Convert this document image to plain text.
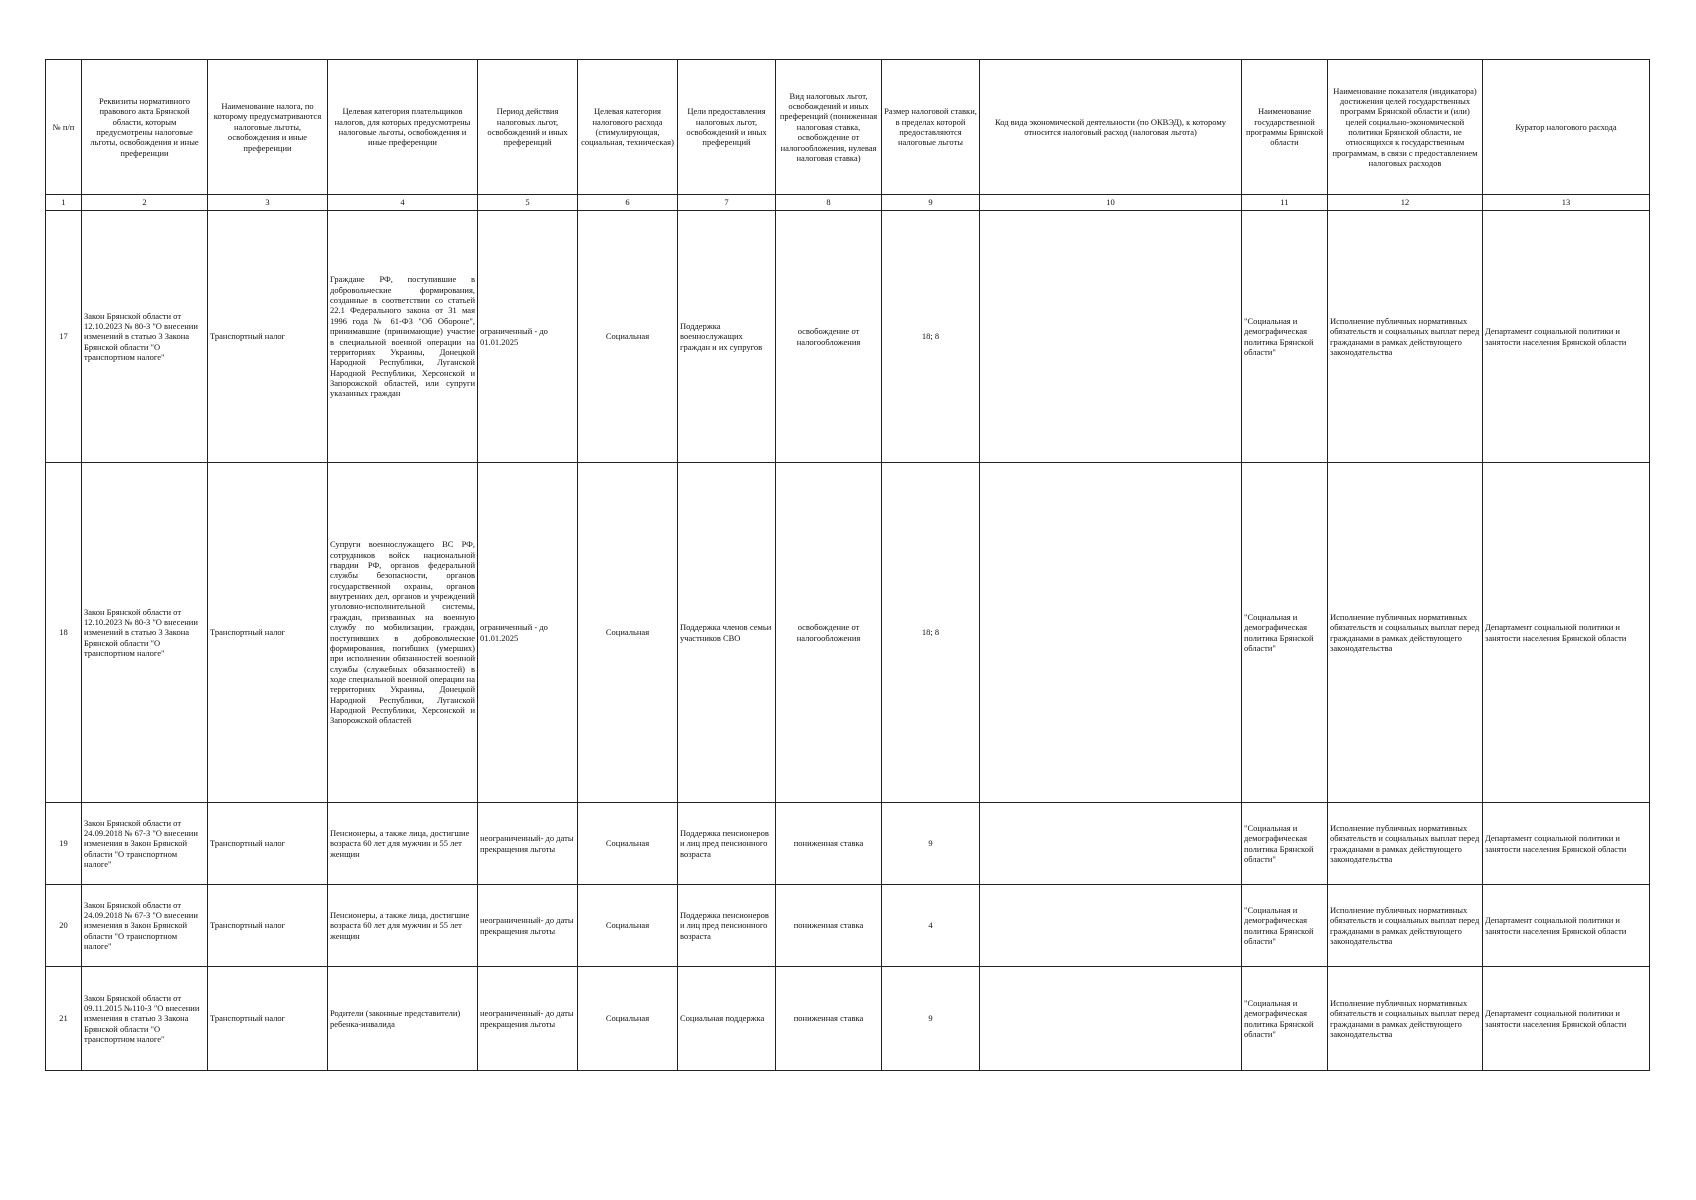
№ п/п	Реквизиты нормативного правового акта Брянской области, которым предусмотрены налоговые льготы, освобождения и иные преференции	Наименование налога, по которому предусматриваются налоговые льготы, освобождения и иные преференции	Целевая категория плательщиков налогов, для которых предусмотрены налоговые льготы, освобождения и иные преференции	Период действия налоговых льгот, освобождений и иных преференций	Целевая категория налогового расхода (стимулирующая, социальная, техническая)	Цели предоставления налоговых льгот, освобождений и иных преференций	Вид налоговых льгот, освобождений и иных преференций (пониженная налоговая ставка, освобождение от налогообложения, нулевая налоговая ставка)	Размер налоговой ставки, в пределах которой предоставляются налоговые льготы	Код вида экономической деятельности (по ОКВЭД), к которому относится налоговый расход (налоговая льгота)	Наименование государственной программы Брянской области	Наименование показателя (индикатора) достижения целей государственных программ Брянской области и (или) целей социально-экономической политики Брянской области, не относящихся к государственным программам, в связи с предоставлением налоговых расходов	Куратор налогового расхода
1	2	3	4	5	6	7	8	9	10	11	12	13
17	Закон Брянской области от 12.10.2023 № 80-З "О внесении изменений в статью 3 Закона Брянской области "О транспортном налоге"	Транспортный налог	Граждане РФ, поступившие в добровольческие формирования, созданные в соответствии со статьей 22.1 Федерального закона от 31 мая 1996 года № 61-ФЗ "Об Обороне", принимавшие (принимающие) участие в специальной военной операции на территориях Украины, Донецкой Народной Республики, Луганской Народной Республики, Херсонской и Запорожской областей, или супруги указанных граждан	ограниченный - до 01.01.2025	Социальная	Поддержка военнослужащих граждан и их супругов	освобождение от налогообложения	18; 8		"Социальная и демографическая политика Брянской области"	Исполнение публичных нормативных обязательств и социальных выплат перед гражданами в рамках действующего законодательства	Департамент социальной политики и занятости населения Брянской области
18	Закон Брянской области от 12.10.2023 № 80-З "О внесении изменений в статью 3 Закона Брянской области "О транспортном налоге"	Транспортный налог	Супруги военнослужащего ВС РФ, сотрудников войск национальной гвардии РФ, органов федеральной службы безопасности, органов государственной охраны, органов внутренних дел, органов и учреждений уголовно-исполнительной системы, граждан, призванных на военную службу по мобилизации, граждан, поступивших в добровольческие формирования, погибших (умерших) при исполнении обязанностей военной службы (служебных обязанностей) в ходе специальной военной операции на территориях Украины, Донецкой Народной Республики, Луганской Народной Республики, Херсонской и Запорожской областей	ограниченный - до 01.01.2025	Социальная	Поддержка членов семьи участников СВО	освобождение от налогообложения	18; 8		"Социальная и демографическая политика Брянской области"	Исполнение публичных нормативных обязательств и социальных выплат перед гражданами в рамках действующего законодательства	Департамент социальной политики и занятости населения Брянской области
19	Закон Брянской области от 24.09.2018 № 67-З "О внесении изменения в Закон Брянской области "О транспортном налоге"	Транспортный налог	Пенсионеры, а также лица, достигшие возраста 60 лет для мужчин и 55 лет женщин	неограниченный- до даты прекращения льготы	Социальная	Поддержка пенсионеров и лиц пред пенсионного возраста	пониженная ставка	9		"Социальная и демографическая политика Брянской области"	Исполнение публичных нормативных обязательств и социальных выплат перед гражданами в рамках действующего законодательства	Департамент социальной политики и занятости населения Брянской области
20	Закон Брянской области от 24.09.2018 № 67-З "О внесении изменения в Закон Брянской области "О транспортном налоге"	Транспортный налог	Пенсионеры, а также лица, достигшие возраста 60 лет для мужчин и 55 лет женщин	неограниченный- до даты прекращения льготы	Социальная	Поддержка пенсионеров и лиц пред пенсионного возраста	пониженная ставка	4		"Социальная и демографическая политика Брянской области"	Исполнение публичных нормативных обязательств и социальных выплат перед гражданами в рамках действующего законодательства	Департамент социальной политики и занятости населения Брянской области
21	Закон Брянской области от 09.11.2015 №110-З "О внесении изменения в статью 3 Закона Брянской области "О транспортном налоге"	Транспортный налог	Родители (законные представители) ребенка-инвалида	неограниченный- до даты прекращения льготы	Социальная	Социальная поддержка	пониженная ставка	9		"Социальная и демографическая политика Брянской области"	Исполнение публичных нормативных обязательств и социальных выплат перед гражданами в рамках действующего законодательства	Департамент социальной политики и занятости населения Брянской области
